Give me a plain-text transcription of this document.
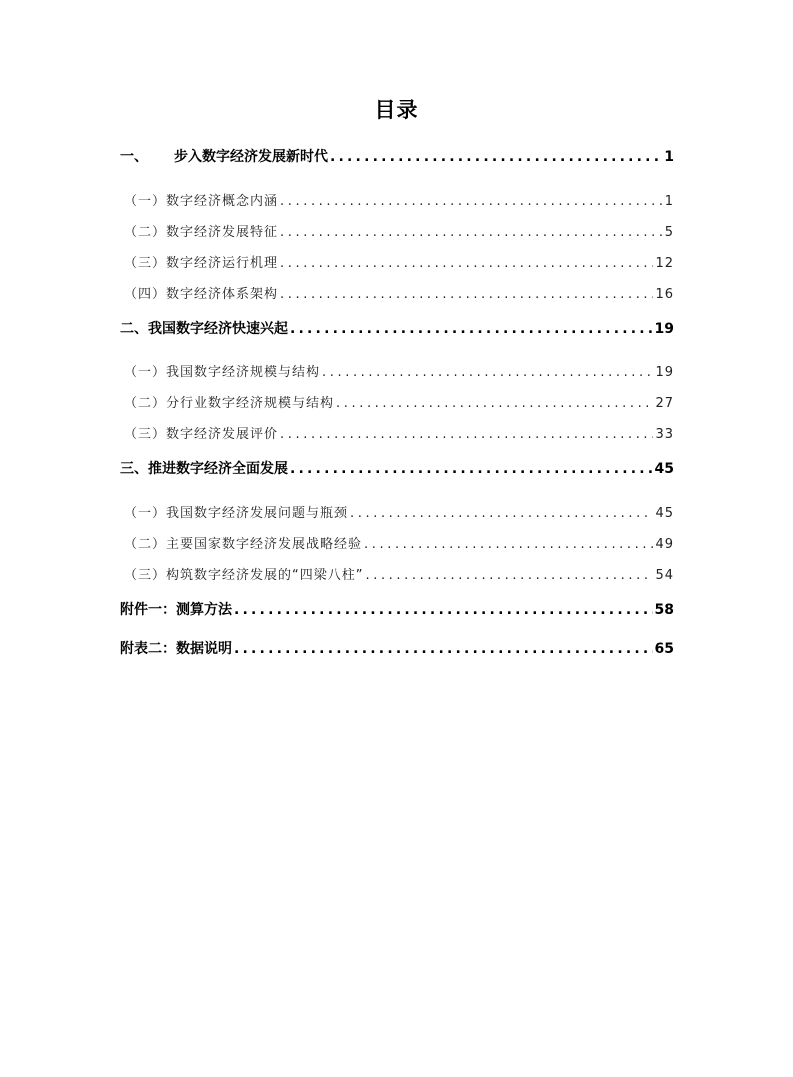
目录
一、 步入数字经济发展新时代 .....	1
（一）数字经济概念内涵 .....	1
（二）数字经济发展特征 .....	5
（三）数字经济运行机理 .....	12
（四）数字经济体系架构 .....	16
二、我国数字经济快速兴起 .....	19
（一）我国数字经济规模与结构 .....	19
（二）分行业数字经济规模与结构 .....	27
（三）数字经济发展评价 .....	33
三、推进数字经济全面发展 .....	45
（一）我国数字经济发展问题与瓶颈 .....	45
（二）主要国家数字经济发展战略经验 .....	49
（三）构筑数字经济发展的“四梁八柱” .....	54
附件一：测算方法 .....	58
附表二：数据说明 .....	65
